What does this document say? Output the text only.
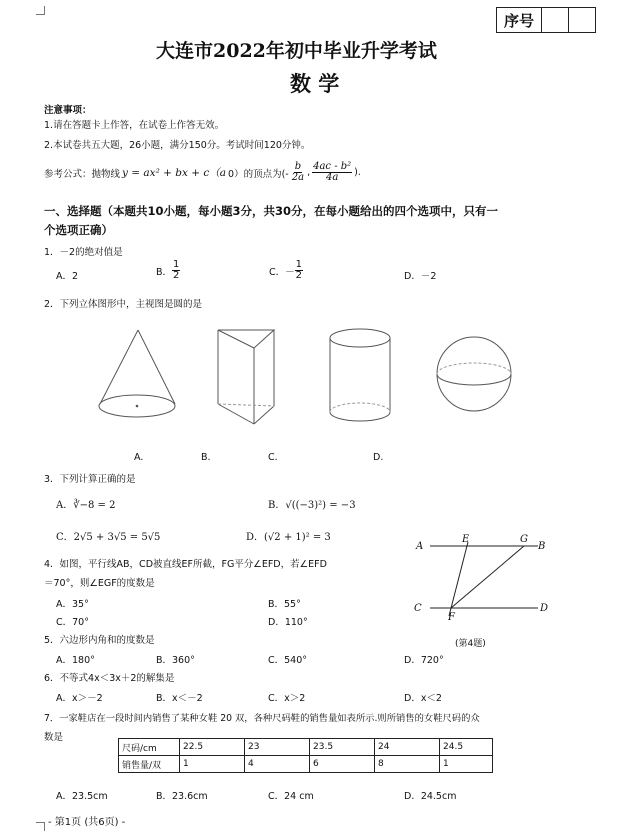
序号
大连市2022年初中毕业升学考试
数 学
注意事项：
1.请在答题卡上作答，在试卷上作答无效。
2.本试卷共五大题，26小题，满分150分。考试时间120分钟。
参考公式：抛物线 y = ax² + bx + c（a 0）的顶点为(- $\frac{b}{2a}$ , $\frac{\text{4ac - b²}}{4a}$ ).
一、选择题（本题共10小题，每小题3分，共30分，在每小题给出的四个选项中，只有一
个选项正确）
1．－2的绝对值是
A．2	B． $\frac{1}{2}$	C．－ $\frac{1}{2}$	D．－2
2．下列立体图形中，主视图是圆的是
A.	B.	C.	D.
3．下列计算正确的是
A．∛−8 = 2	B．√((−3)²) = −3
C．2√5 + 3√5 = 5√5	D．(√2 + 1)² = 3
4．如图，平行线AB，CD被直线EF所截，FG平分∠EFD，若∠EFD
＝70°，则∠EGF的度数是
A．35°	B．55°
C．70°	D．110°
A
E	G
B
C
F
D
(第4题)
5．六边形内角和的度数是
A．180°	B．360°	C．540°	D．720°
6．不等式4x＜3x＋2的解集是
A．x＞－2	B．x＜－2	C．x＞2	D．x＜2
7．一家鞋店在一段时间内销售了某种女鞋 20 双，各种尺码鞋的销售量如表所示.则所销售的女鞋尺码的众
数是
尺码/cm	22.5	23	23.5	24	24.5
销售量/双	1	4	6	8	1
A．23.5cm	B．23.6cm	C．24 cm	D．24.5cm
- 第1页 (共6页) -
